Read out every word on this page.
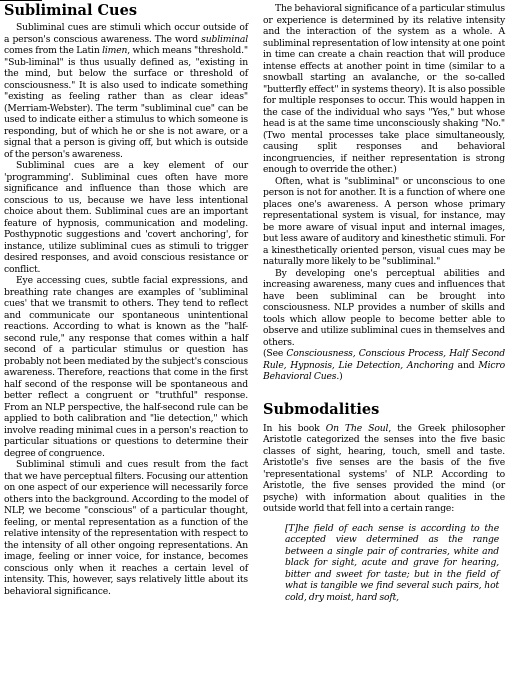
Subliminal Cues

Subliminal cues are stimuli which occur outside of a person's conscious awareness. The word subliminal comes from the Latin limen, which means "threshold." "Sub-liminal" is thus usually defined as, "existing in the mind, but below the surface or threshold of consciousness." It is also used to indicate something "existing as feeling rather than as clear ideas" (Merriam-Webster). The term "subliminal cue" can be used to indicate either a stimulus to which someone is responding, but of which he or she is not aware, or a signal that a person is giving off, but which is outside of the person's awareness.

Subliminal cues are a key element of our 'programming'. Subliminal cues often have more significance and influence than those which are conscious to us, because we have less intentional choice about them. Subliminal cues are an important feature of hypnosis, communication and modeling. Posthypnotic suggestions and 'covert anchoring', for instance, utilize subliminal cues as stimuli to trigger desired responses, and avoid conscious resistance or conflict.

Eye accessing cues, subtle facial expressions, and breathing rate changes are examples of 'subliminal cues' that we transmit to others. They tend to reflect and communicate our spontaneous unintentional reactions. According to what is known as the "half-second rule," any response that comes within a half second of a particular stimulus or question has probably not been mediated by the subject's conscious awareness. Therefore, reactions that come in the first half second of the response will be spontaneous and better reflect a congruent or "truthful" response. From an NLP perspective, the half-second rule can be applied to both calibration and "lie detection," which involve reading minimal cues in a person's reaction to particular situations or questions to determine their degree of congruence.

Subliminal stimuli and cues result from the fact that we have perceptual filters. Focusing our attention on one aspect of our experience will necessarily force others into the background. According to the model of NLP, we become "conscious" of a particular thought, feeling, or mental representation as a function of the relative intensity of the representation with respect to the intensity of all other ongoing representations. An image, feeling or inner voice, for instance, becomes conscious only when it reaches a certain level of intensity. This, however, says relatively little about its behavioral significance.

The behavioral significance of a particular stimulus or experience is determined by its relative intensity and the interaction of the system as a whole. A subliminal representation of low intensity at one point in time can create a chain reaction that will produce intense effects at another point in time (similar to a snowball starting an avalanche, or the so-called "butterfly effect" in systems theory). It is also possible for multiple responses to occur. This would happen in the case of the individual who says "Yes," but whose head is at the same time unconsciously shaking "No." (Two mental processes take place simultaneously, causing split responses and behavioral incongruencies, if neither representation is strong enough to override the other.)

Often, what is "subliminal" or unconscious to one person is not for another. It is a function of where one places one's awareness. A person whose primary representational system is visual, for instance, may be more aware of visual input and internal images, but less aware of auditory and kinesthetic stimuli. For a kinesthetically oriented person, visual cues may be naturally more likely to be "subliminal."

By developing one's perceptual abilities and increasing awareness, many cues and influences that have been subliminal can be brought into consciousness. NLP provides a number of skills and tools which allow people to become better able to observe and utilize subliminal cues in themselves and others.

(See Consciousness, Conscious Process, Half Second Rule, Hypnosis, Lie Detection, Anchoring and Micro Behavioral Cues.)

Submodalities

In his book On The Soul, the Greek philosopher Aristotle categorized the senses into the five basic classes of sight, hearing, touch, smell and taste. Aristotle's five senses are the basis of the five 'representational systems' of NLP. According to Aristotle, the five senses provided the mind (or psyche) with information about qualities in the outside world that fell into a certain range:

[T]he field of each sense is according to the accepted view determined as the range between a single pair of contraries, white and black for sight, acute and grave for hearing, bitter and sweet for taste; but in the field of what is tangible we find several such pairs, hot cold, dry moist, hard soft,
